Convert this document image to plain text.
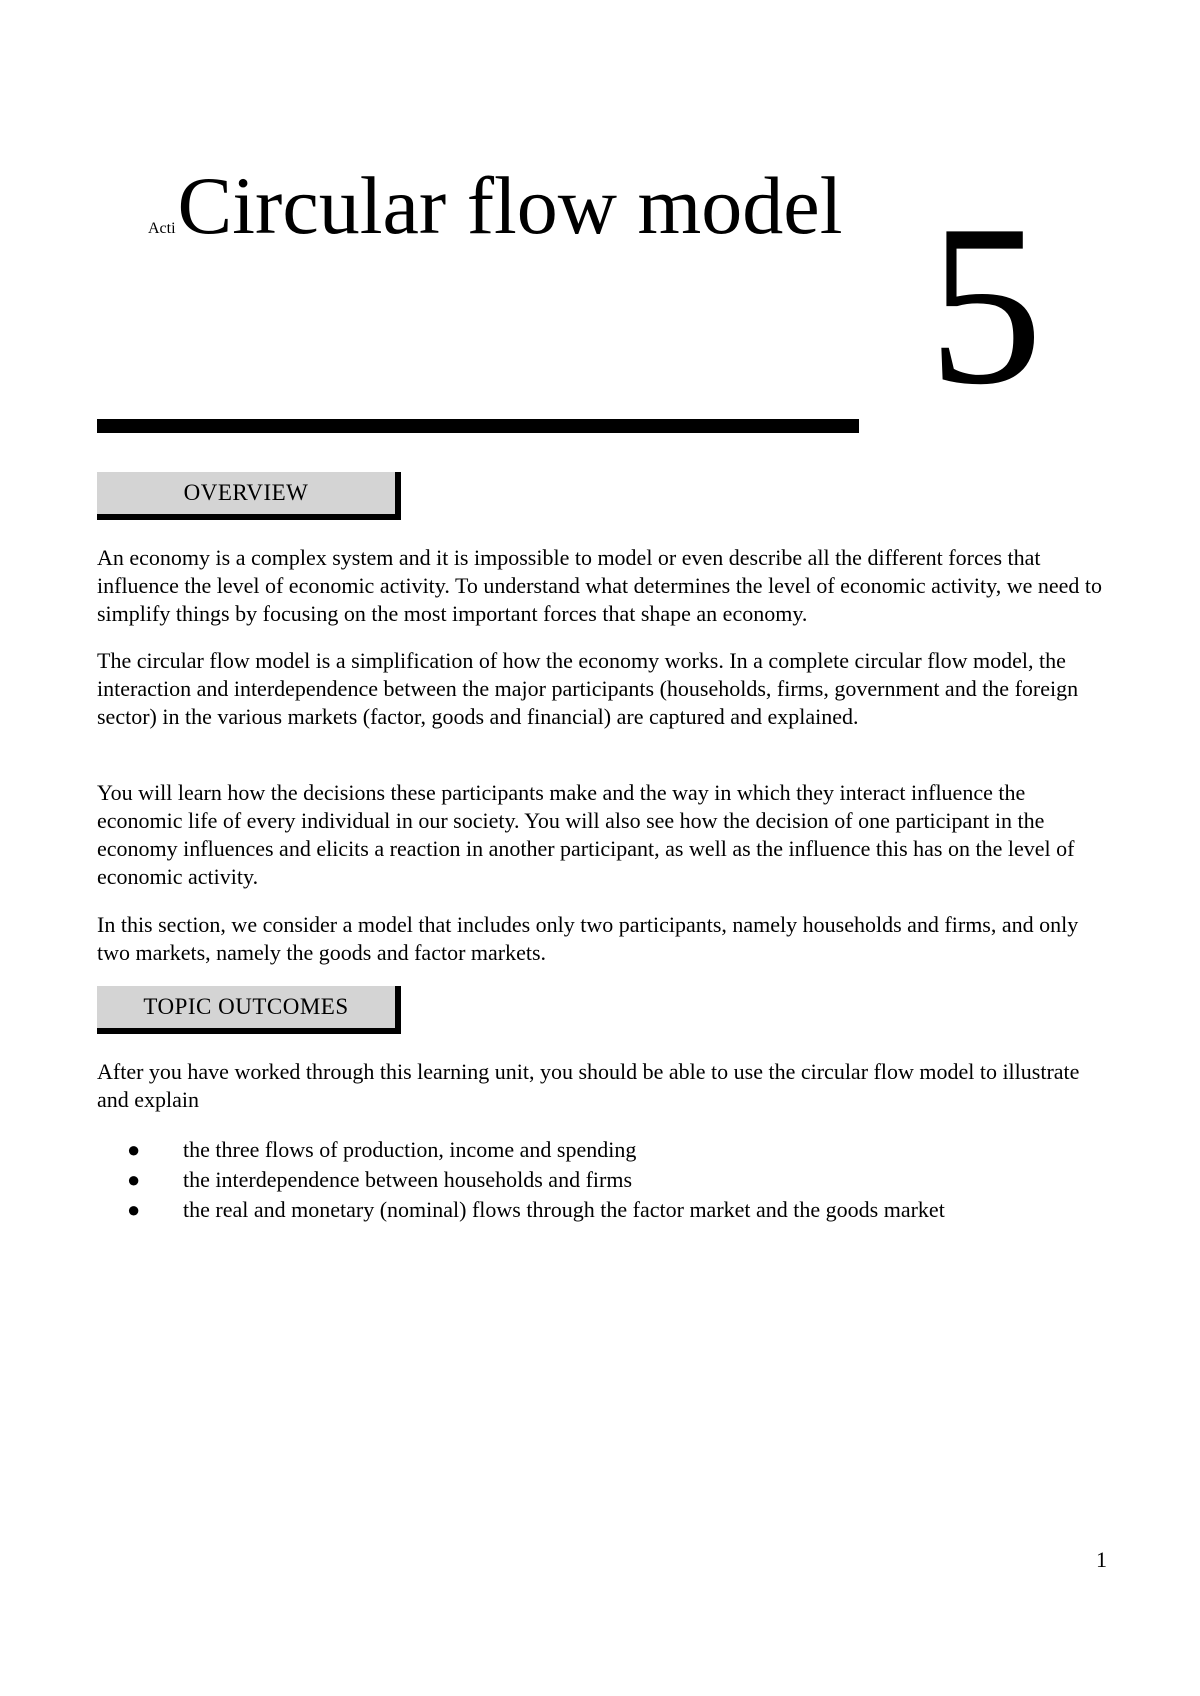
ActiCircular flow model 5
OVERVIEW

An economy is a complex system and it is impossible to model or even describe all the different forces that influence the level of economic activity. To understand what determines the level of economic activity, we need to simplify things by focusing on the most important forces that shape an economy.

The circular flow model is a simplification of how the economy works. In a complete circular flow model, the interaction and interdependence between the major participants (households, firms, government and the foreign sector) in the various markets (factor, goods and financial) are captured and explained.

You will learn how the decisions these participants make and the way in which they interact influence the economic life of every individual in our society. You will also see how the decision of one participant in the economy influences and elicits a reaction in another participant, as well as the influence this has on the level of economic activity.

In this section, we consider a model that includes only two participants, namely households and firms, and only two markets, namely the goods and factor markets.

TOPIC OUTCOMES

After you have worked through this learning unit, you should be able to use the circular flow model to illustrate and explain

● the three flows of production, income and spending
● the interdependence between households and firms
● the real and monetary (nominal) flows through the factor market and the goods market
1
